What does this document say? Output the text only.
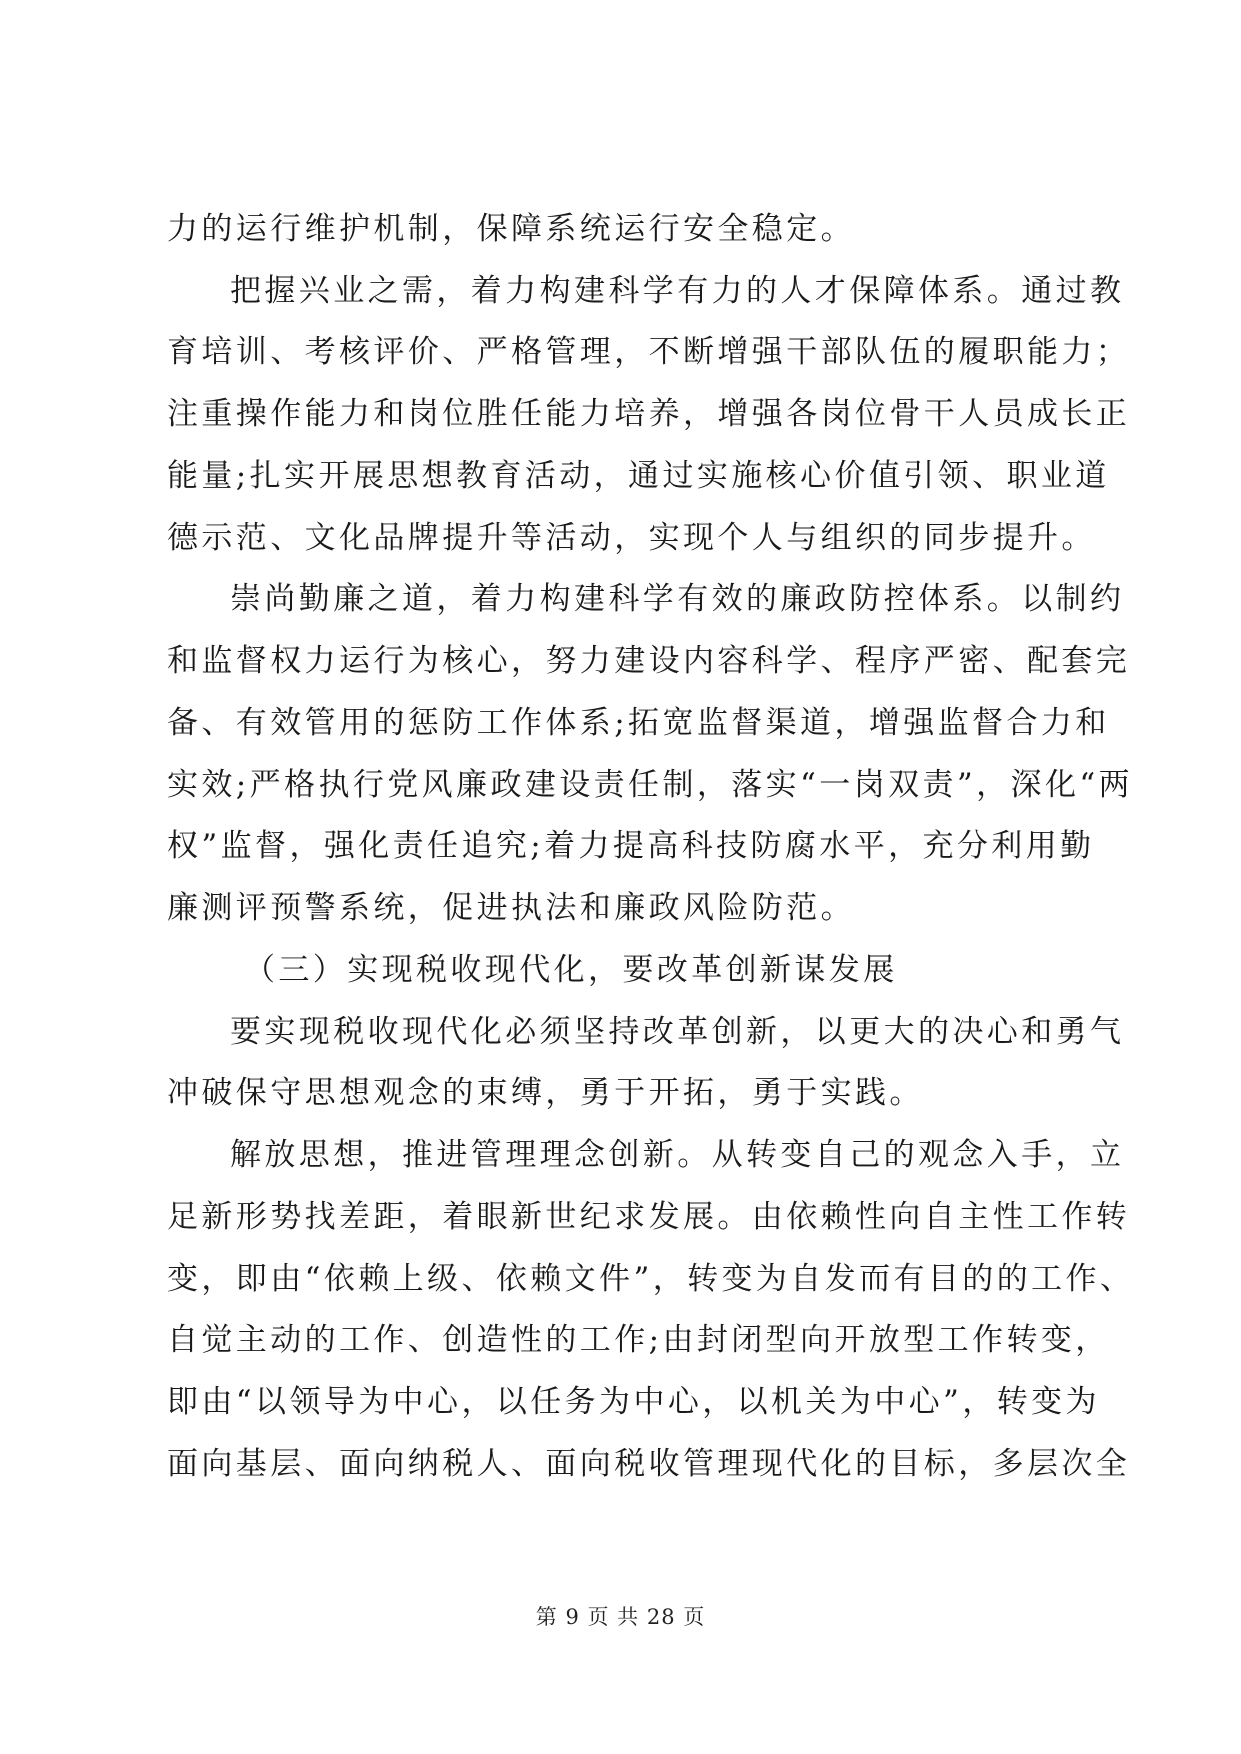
力的运行维护机制，保障系统运行安全稳定。
把握兴业之需，着力构建科学有力的人才保障体系。通过教
育培训、考核评价、严格管理，不断增强干部队伍的履职能力；
注重操作能力和岗位胜任能力培养，增强各岗位骨干人员成长正
能量;扎实开展思想教育活动，通过实施核心价值引领、职业道
德示范、文化品牌提升等活动，实现个人与组织的同步提升。
崇尚勤廉之道，着力构建科学有效的廉政防控体系。以制约
和监督权力运行为核心，努力建设内容科学、程序严密、配套完
备、有效管用的惩防工作体系;拓宽监督渠道，增强监督合力和
实效;严格执行党风廉政建设责任制，落实“一岗双责”，深化“两
权”监督，强化责任追究;着力提高科技防腐水平，充分利用勤
廉测评预警系统，促进执法和廉政风险防范。
（三）实现税收现代化，要改革创新谋发展
要实现税收现代化必须坚持改革创新，以更大的决心和勇气
冲破保守思想观念的束缚，勇于开拓，勇于实践。
解放思想，推进管理理念创新。从转变自己的观念入手，立
足新形势找差距，着眼新世纪求发展。由依赖性向自主性工作转
变，即由“依赖上级、依赖文件”，转变为自发而有目的的工作、
自觉主动的工作、创造性的工作;由封闭型向开放型工作转变，
即由“以领导为中心，以任务为中心，以机关为中心”，转变为
面向基层、面向纳税人、面向税收管理现代化的目标，多层次全
第 9 页 共 28 页
